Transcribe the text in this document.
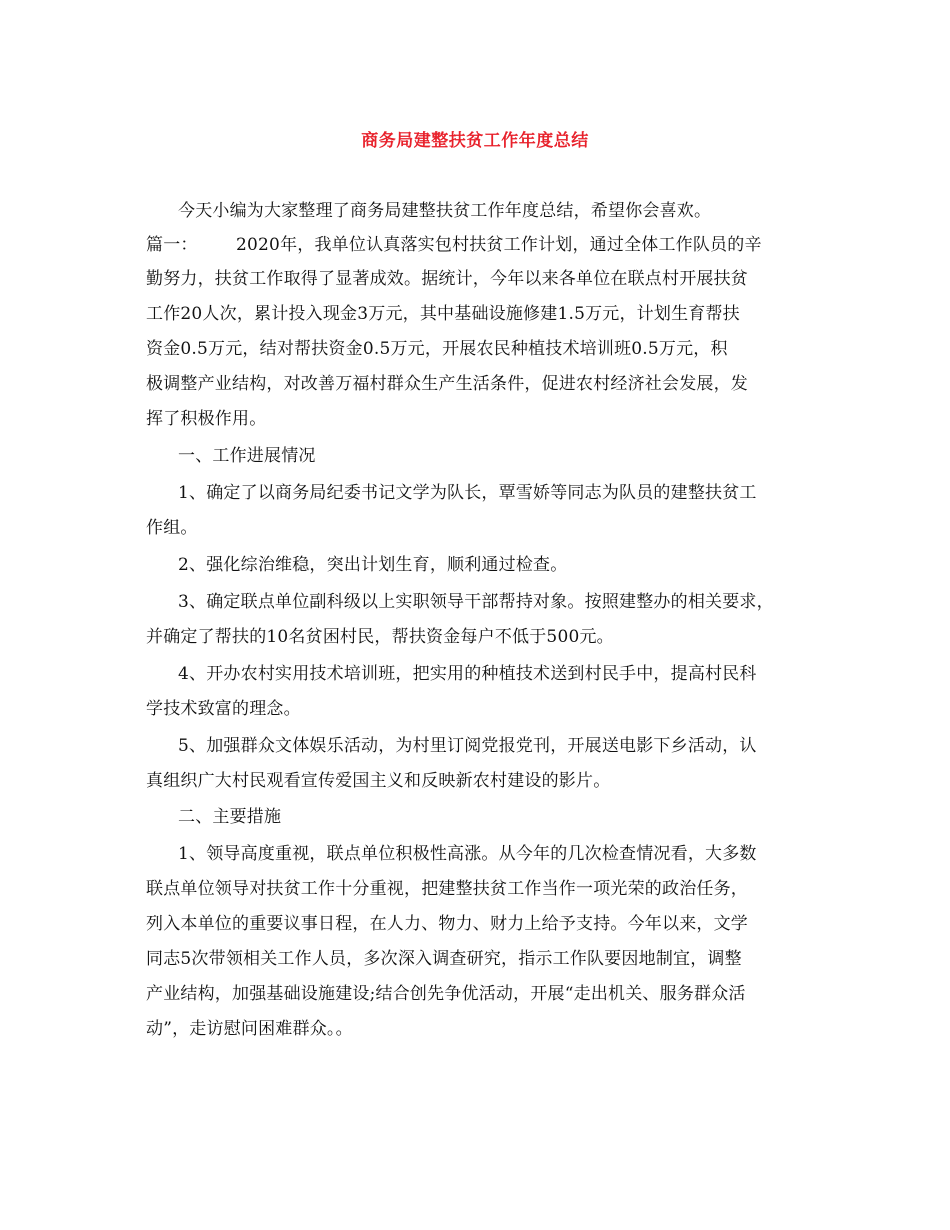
商务局建整扶贫工作年度总结
今天小编为大家整理了商务局建整扶贫工作年度总结，希望你会喜欢。
篇一： 2020年，我单位认真落实包村扶贫工作计划，通过全体工作队员的辛
勤努力，扶贫工作取得了显著成效。据统计，今年以来各单位在联点村开展扶贫
工作20人次，累计投入现金3万元，其中基础设施修建1.5万元，计划生育帮扶
资金0.5万元，结对帮扶资金0.5万元，开展农民种植技术培训班0.5万元，积
极调整产业结构，对改善万福村群众生产生活条件，促进农村经济社会发展，发
挥了积极作用。
一、工作进展情况
1、确定了以商务局纪委书记文学为队长，覃雪娇等同志为队员的建整扶贫工
作组。
2、强化综治维稳，突出计划生育，顺利通过检查。
3、确定联点单位副科级以上实职领导干部帮持对象。按照建整办的相关要求，
并确定了帮扶的10名贫困村民，帮扶资金每户不低于500元。
4、开办农村实用技术培训班，把实用的种植技术送到村民手中，提高村民科
学技术致富的理念。
5、加强群众文体娱乐活动，为村里订阅党报党刊，开展送电影下乡活动，认
真组织广大村民观看宣传爱国主义和反映新农村建设的影片。
二、主要措施
1、领导高度重视，联点单位积极性高涨。从今年的几次检查情况看，大多数
联点单位领导对扶贫工作十分重视，把建整扶贫工作当作一项光荣的政治任务，
列入本单位的重要议事日程，在人力、物力、财力上给予支持。今年以来，文学
同志5次带领相关工作人员，多次深入调查研究，指示工作队要因地制宜，调整
产业结构，加强基础设施建设;结合创先争优活动，开展“走出机关、服务群众活
动”，走访慰问困难群众。。
